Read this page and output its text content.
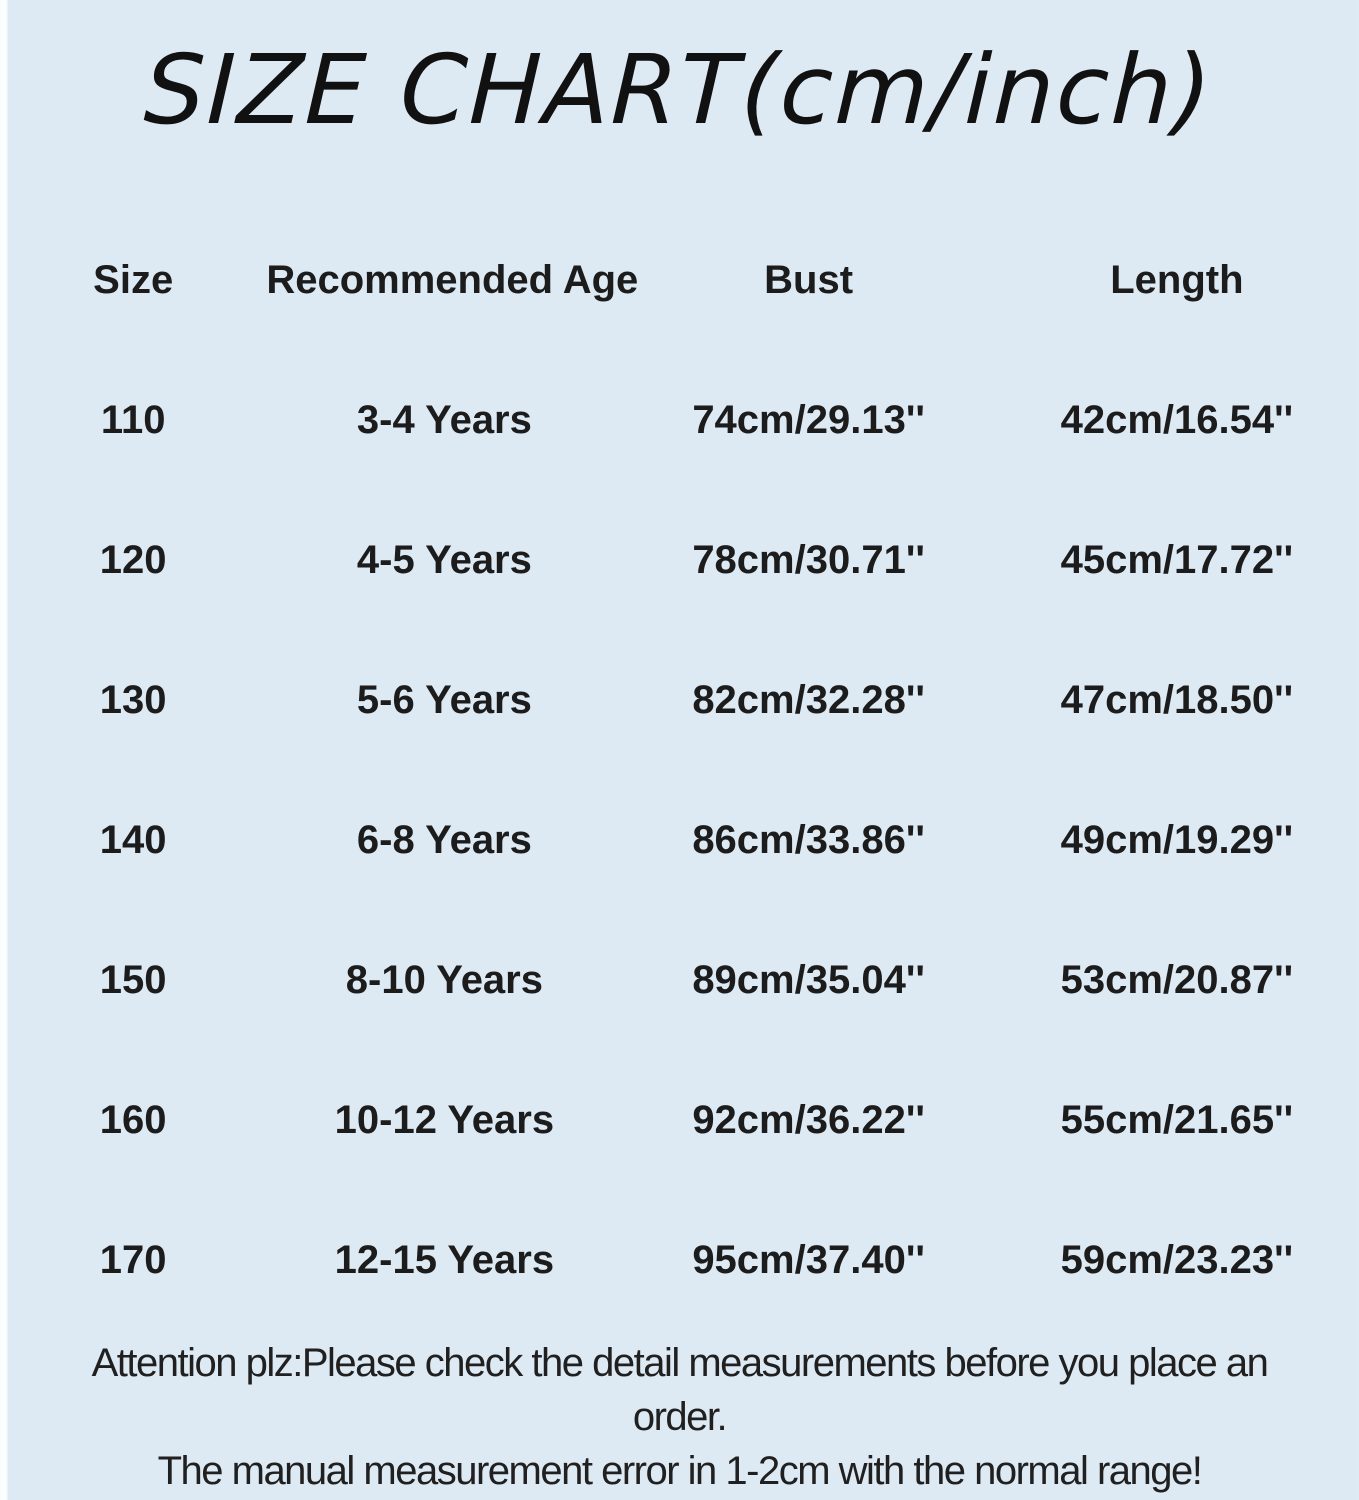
SIZE CHART(cm/inch)
Size	Recommended Age	Bust	Length
110	3-4 Years	74cm/29.13''	42cm/16.54''
120	4-5 Years	78cm/30.71''	45cm/17.72''
130	5-6 Years	82cm/32.28''	47cm/18.50''
140	6-8 Years	86cm/33.86''	49cm/19.29''
150	8-10 Years	89cm/35.04''	53cm/20.87''
160	10-12 Years	92cm/36.22''	55cm/21.65''
170	12-15 Years	95cm/37.40''	59cm/23.23''
Attention plz:Please check the detail measurements before you place an
order.
The manual measurement error in 1-2cm with the normal range!
